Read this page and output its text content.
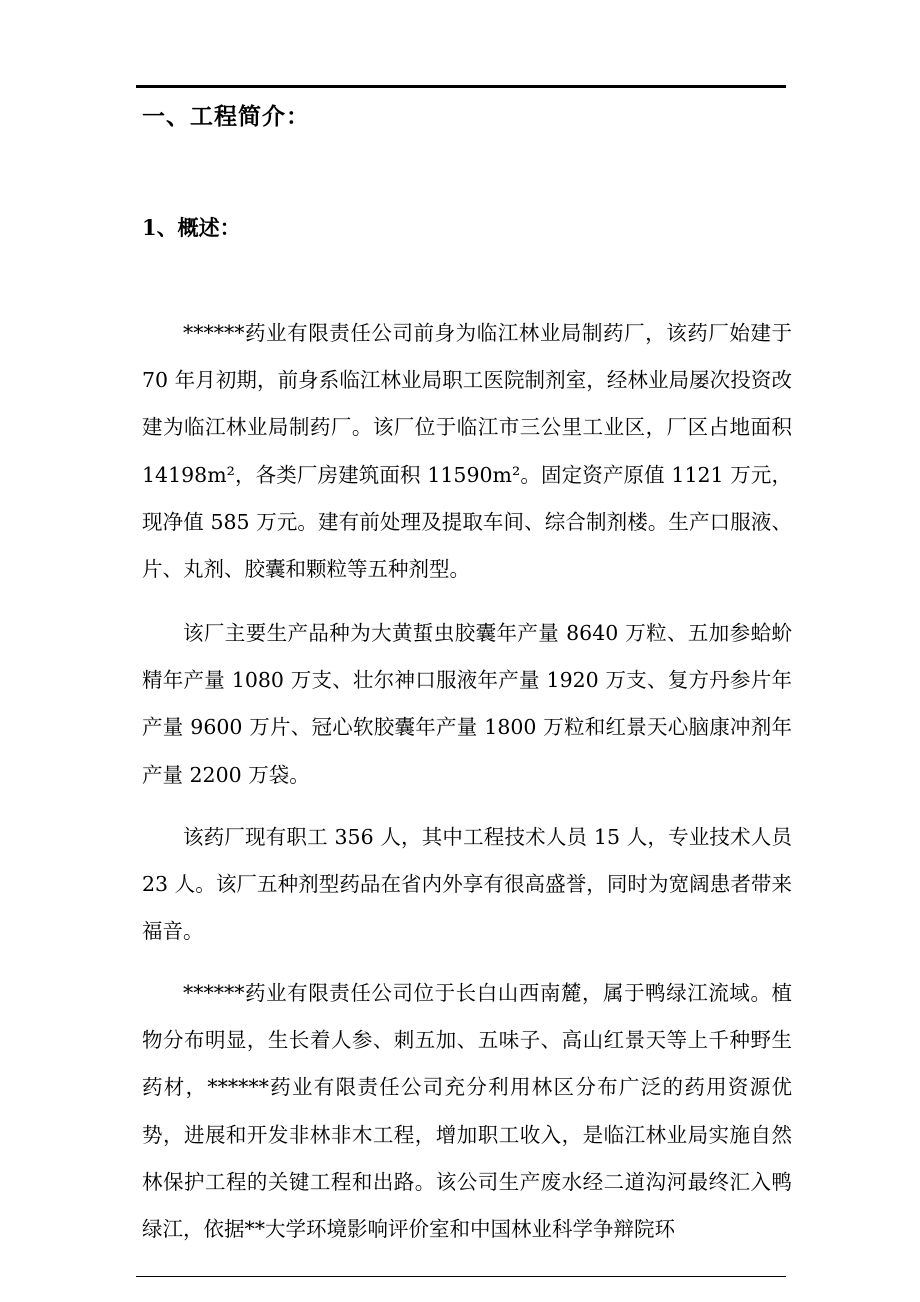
一、工程简介：
1、概述：

******药业有限责任公司前身为临江林业局制药厂，该药厂始建于 70 年月初期，前身系临江林业局职工医院制剂室，经林业局屡次投资改建为临江林业局制药厂。该厂位于临江市三公里工业区，厂区占地面积 14198m²，各类厂房建筑面积 11590m²。固定资产原值 1121 万元，现净值 585 万元。建有前处理及提取车间、综合制剂楼。生产口服液、片、丸剂、胶囊和颗粒等五种剂型。

该厂主要生产品种为大黄蜇虫胶囊年产量 8640 万粒、五加参蛤蚧精年产量 1080 万支、壮尔神口服液年产量 1920 万支、复方丹参片年产量 9600 万片、冠心软胶囊年产量 1800 万粒和红景天心脑康冲剂年产量 2200 万袋。

该药厂现有职工 356 人，其中工程技术人员 15 人，专业技术人员 23 人。该厂五种剂型药品在省内外享有很高盛誉，同时为宽阔患者带来福音。

******药业有限责任公司位于长白山西南麓，属于鸭绿江流域。植物分布明显，生长着人参、刺五加、五味子、高山红景天等上千种野生药材，******药业有限责任公司充分利用林区分布广泛的药用资源优势，进展和开发非林非木工程，增加职工收入，是临江林业局实施自然林保护工程的关键工程和出路。该公司生产废水经二道沟河最终汇入鸭绿江，依据**大学环境影响评价室和中国林业科学争辩院环
